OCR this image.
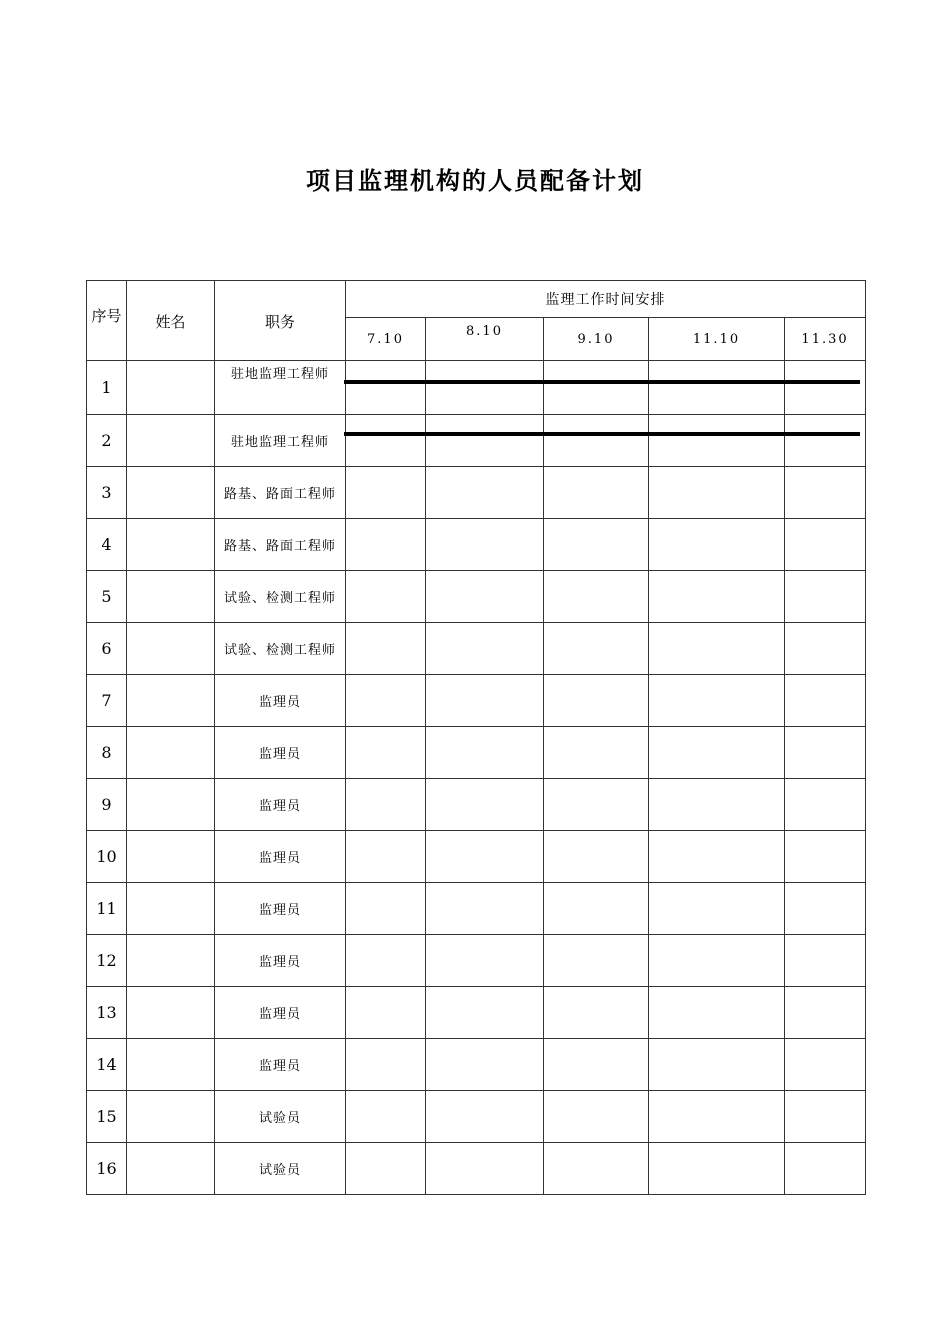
项目监理机构的人员配备计划
序号	姓名	职务	监理工作时间安排				
			7.10	8.10	9.10	11.10	11.30
1		驻地监理工程师	

2		驻地监理工程师	

3		路基、路面工程师					
4		路基、路面工程师					
5		试验、检测工程师					
6		试验、检测工程师					
7		监理员					
8		监理员					
9		监理员					
10		监理员					
11		监理员					
12		监理员					
13		监理员					
14		监理员					
15		试验员					
16		试验员					
